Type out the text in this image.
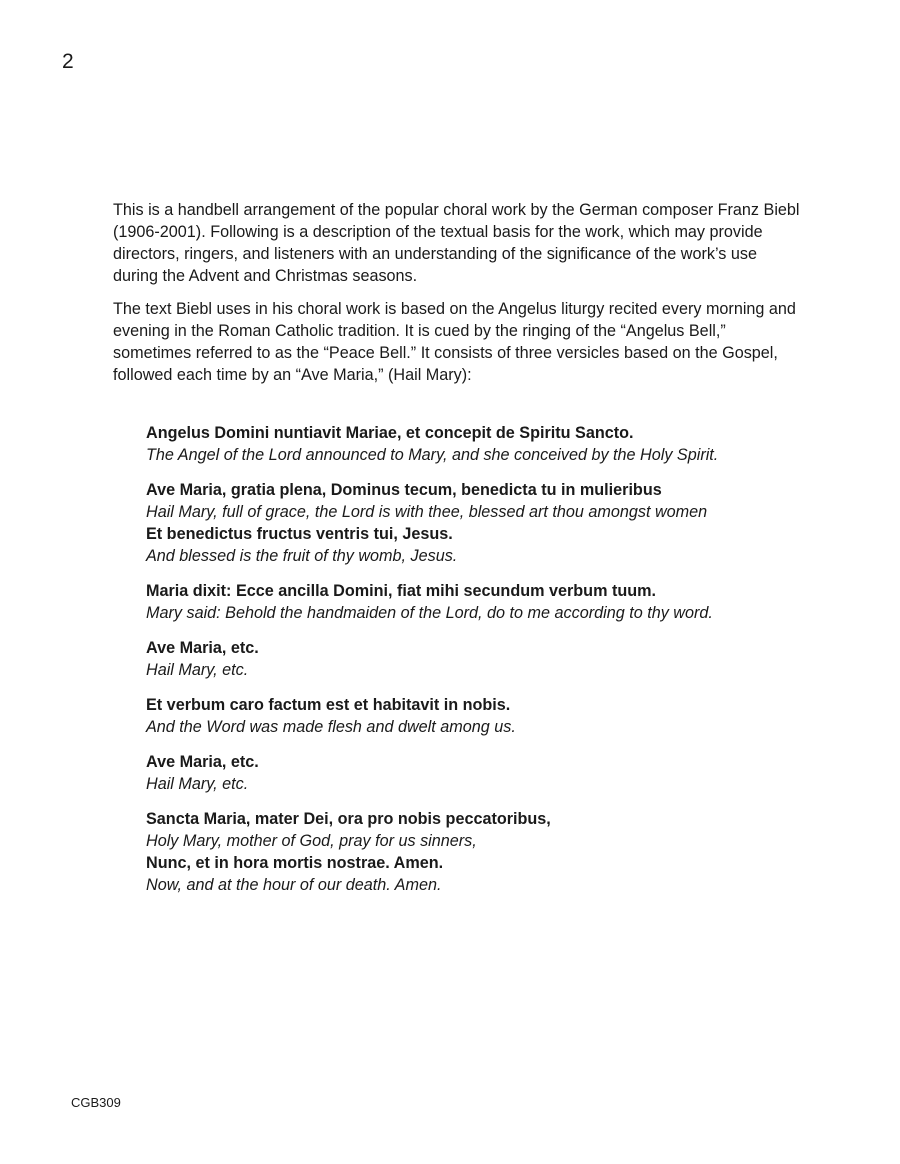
2

This is a handbell arrangement of the popular choral work by the German composer Franz Biebl (1906-2001). Following is a description of the textual basis for the work, which may provide directors, ringers, and listeners with an understanding of the significance of the work’s use during the Advent and Christmas seasons.

The text Biebl uses in his choral work is based on the Angelus liturgy recited every morning and evening in the Roman Catholic tradition. It is cued by the ringing of the “Angelus Bell,” sometimes referred to as the “Peace Bell.” It consists of three versicles based on the Gospel, followed each time by an “Ave Maria,” (Hail Mary):

Angelus Domini nuntiavit Mariae, et concepit de Spiritu Sancto.
The Angel of the Lord announced to Mary, and she conceived by the Holy Spirit.
Ave Maria, gratia plena, Dominus tecum, benedicta tu in mulieribus
Hail Mary, full of grace, the Lord is with thee, blessed art thou amongst women
Et benedictus fructus ventris tui, Jesus.
And blessed is the fruit of thy womb, Jesus.
Maria dixit: Ecce ancilla Domini, fiat mihi secundum verbum tuum.
Mary said: Behold the handmaiden of the Lord, do to me according to thy word.
Ave Maria, etc.
Hail Mary, etc.
Et verbum caro factum est et habitavit in nobis.
And the Word was made flesh and dwelt among us.
Ave Maria, etc.
Hail Mary, etc.
Sancta Maria, mater Dei, ora pro nobis peccatoribus,
Holy Mary, mother of God, pray for us sinners,
Nunc, et in hora mortis nostrae. Amen.
Now, and at the hour of our death. Amen.
CGB309
